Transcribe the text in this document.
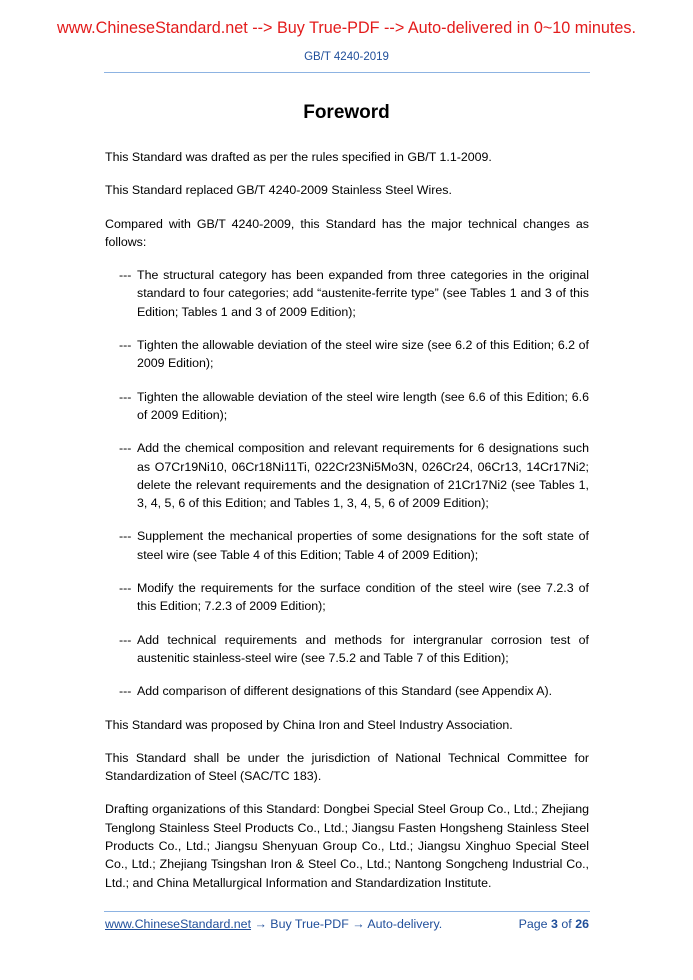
www.ChineseStandard.net --> Buy True-PDF --> Auto-delivered in 0~10 minutes.
GB/T 4240-2019
Foreword

This Standard was drafted as per the rules specified in GB/T 1.1-2009.

This Standard replaced GB/T 4240-2009 Stainless Steel Wires.

Compared with GB/T 4240-2009, this Standard has the major technical changes as follows:

--- The structural category has been expanded from three categories in the original standard to four categories; add “austenite-ferrite type” (see Tables 1 and 3 of this Edition; Tables 1 and 3 of 2009 Edition);
--- Tighten the allowable deviation of the steel wire size (see 6.2 of this Edition; 6.2 of 2009 Edition);
--- Tighten the allowable deviation of the steel wire length (see 6.6 of this Edition; 6.6 of 2009 Edition);
--- Add the chemical composition and relevant requirements for 6 designations such as O7Cr19Ni10, 06Cr18Ni11Ti, 022Cr23Ni5Mo3N, 026Cr24, 06Cr13, 14Cr17Ni2; delete the relevant requirements and the designation of 21Cr17Ni2 (see Tables 1, 3, 4, 5, 6 of this Edition; and Tables 1, 3, 4, 5, 6 of 2009 Edition);
--- Supplement the mechanical properties of some designations for the soft state of steel wire (see Table 4 of this Edition; Table 4 of 2009 Edition);
--- Modify the requirements for the surface condition of the steel wire (see 7.2.3 of this Edition; 7.2.3 of 2009 Edition);
--- Add technical requirements and methods for intergranular corrosion test of austenitic stainless-steel wire (see 7.5.2 and Table 7 of this Edition);
--- Add comparison of different designations of this Standard (see Appendix A).

This Standard was proposed by China Iron and Steel Industry Association.

This Standard shall be under the jurisdiction of National Technical Committee for Standardization of Steel (SAC/TC 183).

Drafting organizations of this Standard: Dongbei Special Steel Group Co., Ltd.; Zhejiang Tenglong Stainless Steel Products Co., Ltd.; Jiangsu Fasten Hongsheng Stainless Steel Products Co., Ltd.; Jiangsu Shenyuan Group Co., Ltd.; Jiangsu Xinghuo Special Steel Co., Ltd.; Zhejiang Tsingshan Iron & Steel Co., Ltd.; Nantong Songcheng Industrial Co., Ltd.; and China Metallurgical Information and Standardization Institute.

www.ChineseStandard.net → Buy True-PDF → Auto-delivery.	Page 3 of 26
